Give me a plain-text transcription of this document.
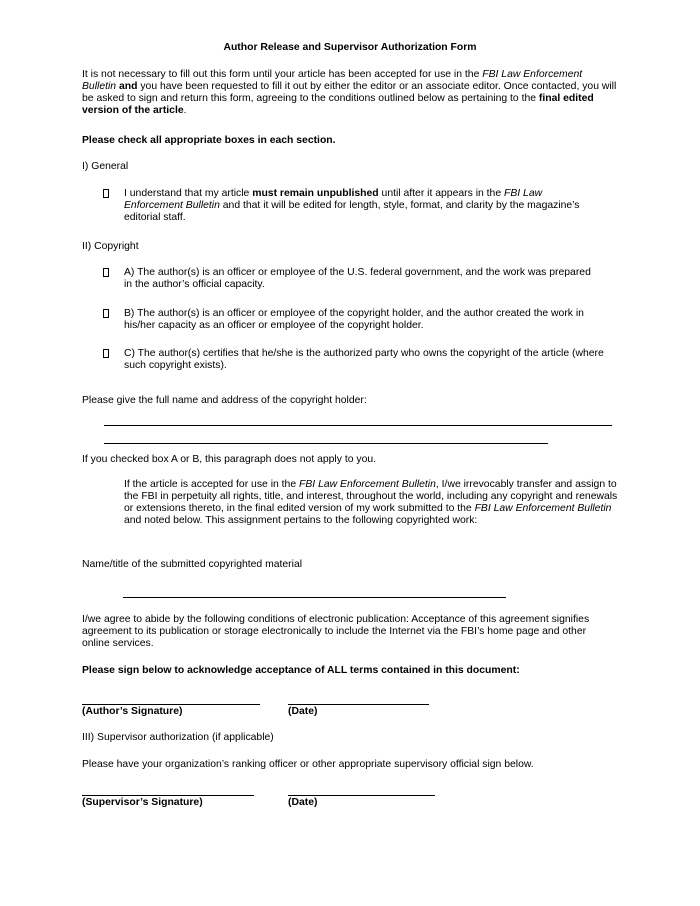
Author Release and Supervisor Authorization Form

It is not necessary to fill out this form until your article has been accepted for use in the FBI Law Enforcement Bulletin and you have been requested to fill it out by either the editor or an associate editor. Once contacted, you will be asked to sign and return this form, agreeing to the conditions outlined below as pertaining to the final edited version of the article.

Please check all appropriate boxes in each section.

I) General

I understand that my article must remain unpublished until after it appears in the FBI Law Enforcement Bulletin and that it will be edited for length, style, format, and clarity by the magazine’s editorial staff.

II) Copyright

A) The author(s) is an officer or employee of the U.S. federal government, and the work was prepared in the author’s official capacity.

B) The author(s) is an officer or employee of the copyright holder, and the author created the work in his/her capacity as an officer or employee of the copyright holder.

C) The author(s) certifies that he/she is the authorized party who owns the copyright of the article (where such copyright exists).

Please give the full name and address of the copyright holder:

If you checked box A or B, this paragraph does not apply to you.

If the article is accepted for use in the FBI Law Enforcement Bulletin, I/we irrevocably transfer and assign to the FBI in perpetuity all rights, title, and interest, throughout the world, including any copyright and renewals or extensions thereto, in the final edited version of my work submitted to the FBI Law Enforcement Bulletin and noted below. This assignment pertains to the following copyrighted work:

Name/title of the submitted copyrighted material

I/we agree to abide by the following conditions of electronic publication: Acceptance of this agreement signifies agreement to its publication or storage electronically to include the Internet via the FBI’s home page and other online services.

Please sign below to acknowledge acceptance of ALL terms contained in this document:

(Author’s Signature)	(Date)

III) Supervisor authorization (if applicable)

Please have your organization’s ranking officer or other appropriate supervisory official sign below.

(Supervisor’s Signature)	(Date)
